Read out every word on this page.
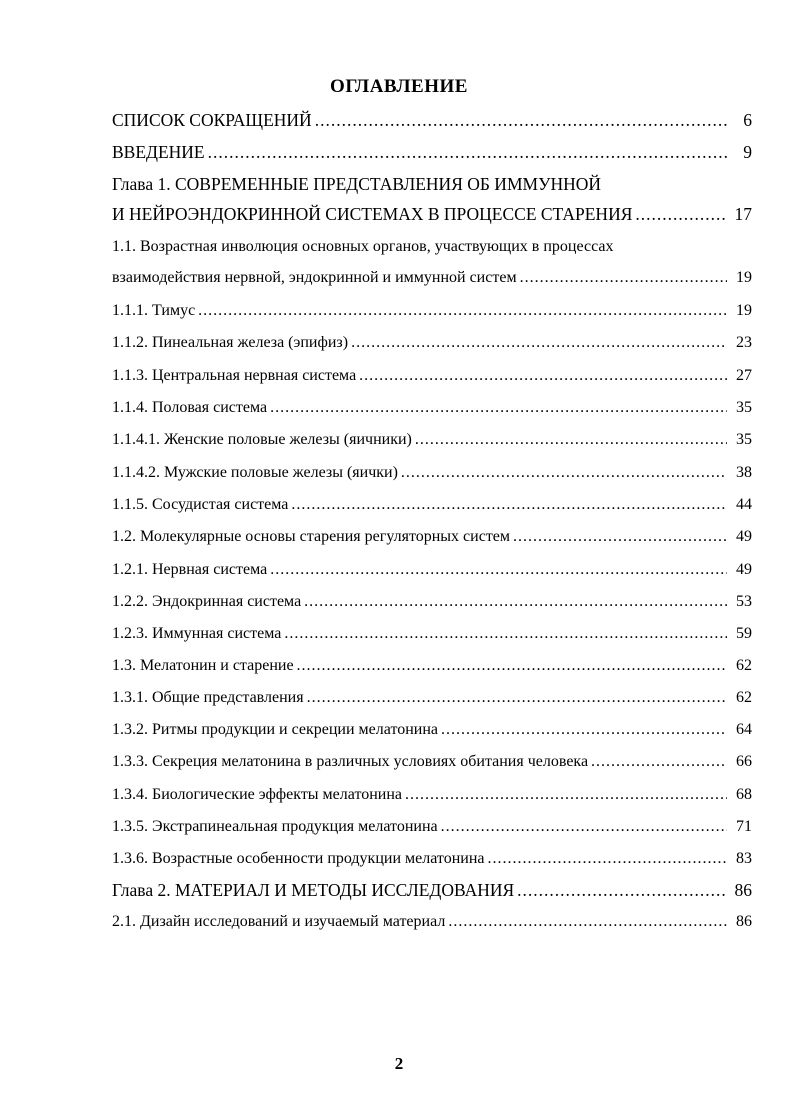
ОГЛАВЛЕНИЕ
СПИСОК СОКРАЩЕНИЙ .....	6
ВВЕДЕНИЕ .....	9
Глава 1. СОВРЕМЕННЫЕ ПРЕДСТАВЛЕНИЯ ОБ ИММУННОЙ
И НЕЙРОЭНДОКРИННОЙ СИСТЕМАХ В ПРОЦЕССЕ СТАРЕНИЯ .....	17
1.1. Возрастная инволюция основных органов, участвующих в процессах
взаимодействия нервной, эндокринной и иммунной систем .....	19
1.1.1. Тимус .....	19
1.1.2. Пинеальная железа (эпифиз) .....	23
1.1.3. Центральная нервная система .....	27
1.1.4. Половая система .....	35
1.1.4.1. Женские половые железы (яичники) .....	35
1.1.4.2. Мужские половые железы (яички) .....	38
1.1.5. Сосудистая система .....	44
1.2. Молекулярные основы старения регуляторных систем .....	49
1.2.1. Нервная система .....	49
1.2.2. Эндокринная система .....	53
1.2.3. Иммунная система .....	59
1.3. Мелатонин и старение .....	62
1.3.1. Общие представления .....	62
1.3.2. Ритмы продукции и секреции мелатонина .....	64
1.3.3. Секреция мелатонина в различных условиях обитания человека .....	66
1.3.4. Биологические эффекты мелатонина .....	68
1.3.5. Экстрапинеальная продукция мелатонина .....	71
1.3.6. Возрастные особенности продукции мелатонина .....	83
Глава 2. МАТЕРИАЛ И МЕТОДЫ ИССЛЕДОВАНИЯ .....	86
2.1. Дизайн исследований и изучаемый материал .....	86
2
